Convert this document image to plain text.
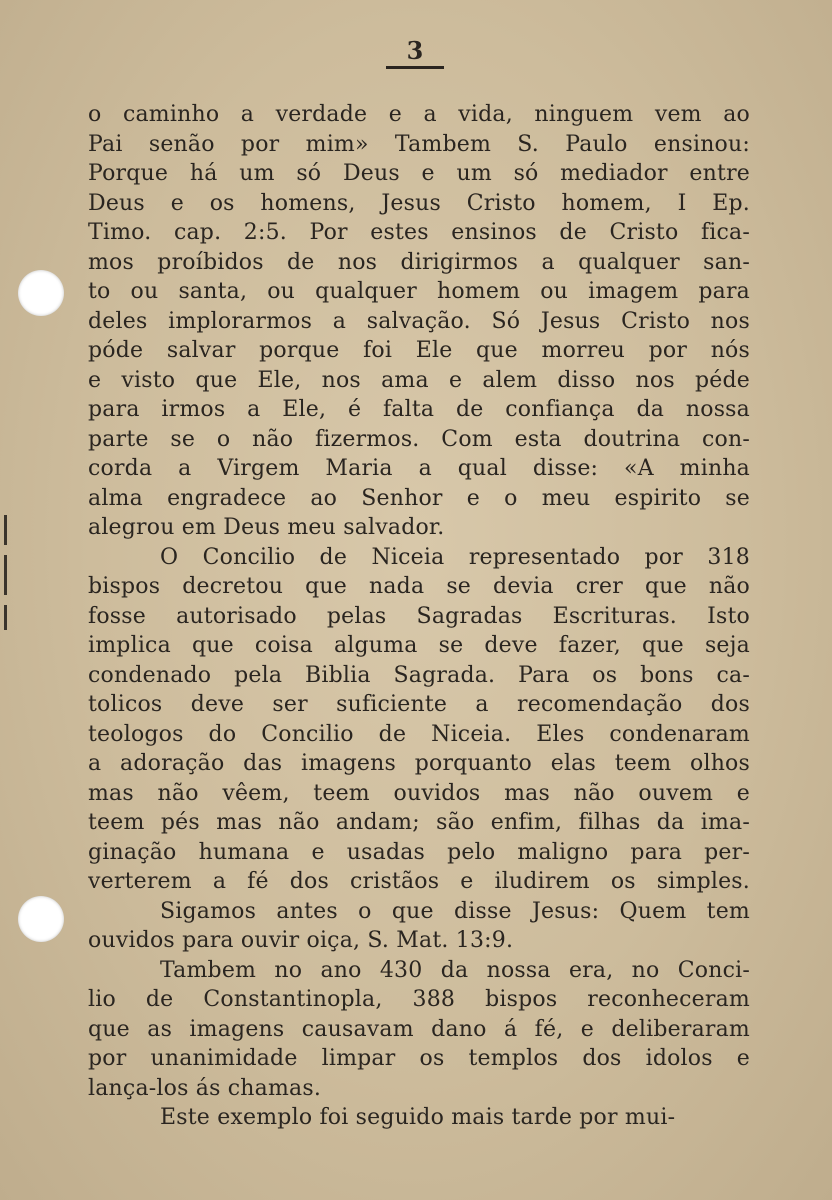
3
o caminho a verdade e a vida, ninguem vem ao
Pai senão por mim» Tambem S. Paulo ensinou:
Porque há um só Deus e um só mediador entre
Deus e os homens, Jesus Cristo homem, I Ep.
Timo. cap. 2:5. Por estes ensinos de Cristo fica-
mos proíbidos de nos dirigirmos a qualquer san-
to ou santa, ou qualquer homem ou imagem para
deles implorarmos a salvação. Só Jesus Cristo nos
póde salvar porque foi Ele que morreu por nós
e visto que Ele, nos ama e alem disso nos péde
para irmos a Ele, é falta de confiança da nossa
parte se o não fizermos. Com esta doutrina con-
corda a Virgem Maria a qual disse: «A minha
alma engradece ao Senhor e o meu espirito se
alegrou em Deus meu salvador.
O Concilio de Niceia representado por 318
bispos decretou que nada se devia crer que não
fosse autorisado pelas Sagradas Escrituras. Isto
implica que coisa alguma se deve fazer, que seja
condenado pela Biblia Sagrada. Para os bons ca-
tolicos deve ser suficiente a recomendação dos
teologos do Concilio de Niceia. Eles condenaram
a adoração das imagens porquanto elas teem olhos
mas não vêem, teem ouvidos mas não ouvem e
teem pés mas não andam; são enfim, filhas da ima-
ginação humana e usadas pelo maligno para per-
verterem a fé dos cristãos e iludirem os simples.
Sigamos antes o que disse Jesus: Quem tem
ouvidos para ouvir oiça, S. Mat. 13:9.
Tambem no ano 430 da nossa era, no Conci-
lio de Constantinopla, 388 bispos reconheceram
que as imagens causavam dano á fé, e deliberaram
por unanimidade limpar os templos dos idolos e
lança-los ás chamas.
Este exemplo foi seguido mais tarde por mui-
